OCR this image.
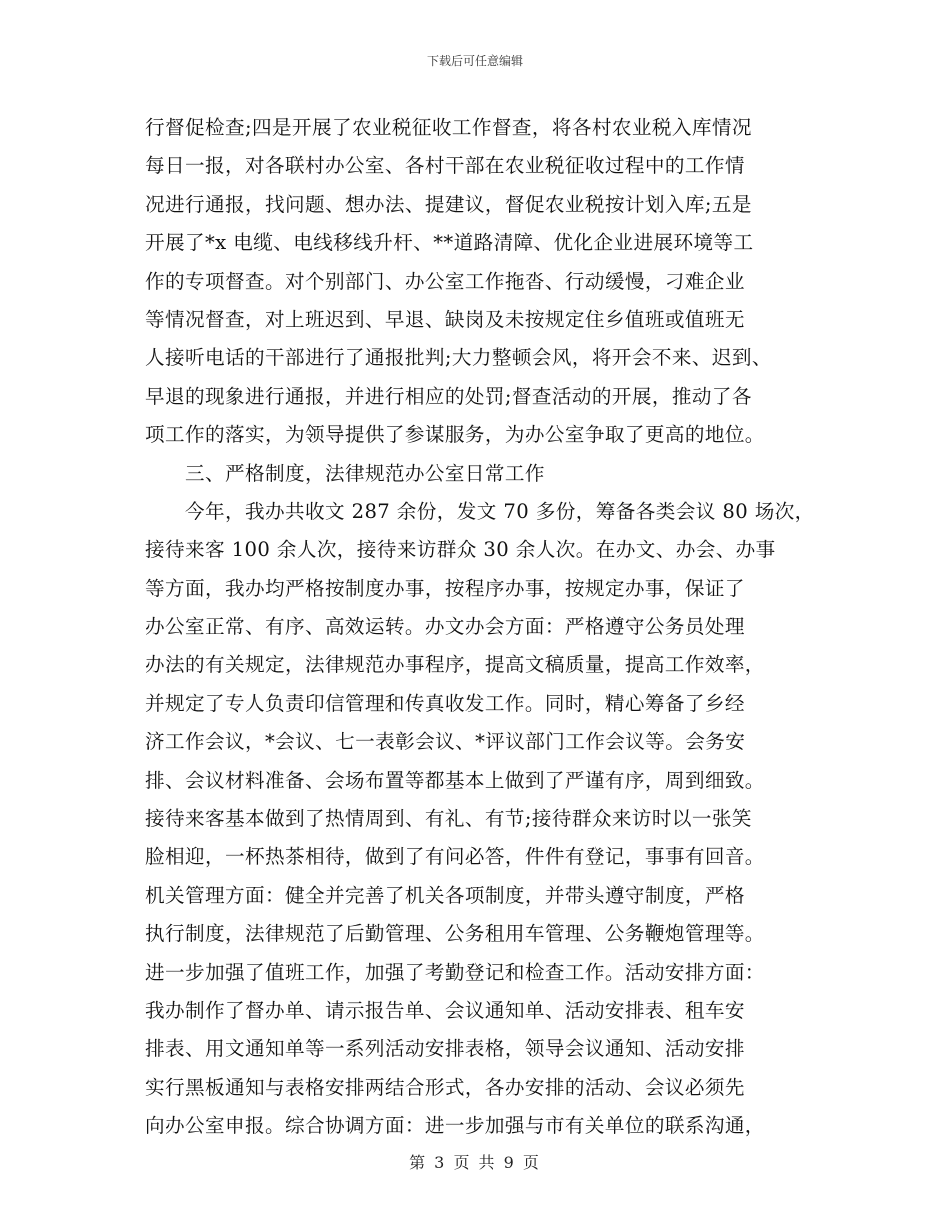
下载后可任意编辑
行督促检查;四是开展了农业税征收工作督查，将各村农业税入库情况
每日一报，对各联村办公室、各村干部在农业税征收过程中的工作情
况进行通报，找问题、想办法、提建议，督促农业税按计划入库;五是
开展了*x 电缆、电线移线升杆、**道路清障、优化企业进展环境等工
作的专项督查。对个别部门、办公室工作拖沓、行动缓慢，刁难企业
等情况督查，对上班迟到、早退、缺岗及未按规定住乡值班或值班无
人接听电话的干部进行了通报批判;大力整顿会风，将开会不来、迟到、
早退的现象进行通报，并进行相应的处罚;督查活动的开展，推动了各
项工作的落实，为领导提供了参谋服务，为办公室争取了更高的地位。
三、严格制度，法律规范办公室日常工作
今年，我办共收文 287 余份，发文 70 多份，筹备各类会议 80 场次，
接待来客 100 余人次，接待来访群众 30 余人次。在办文、办会、办事
等方面，我办均严格按制度办事，按程序办事，按规定办事，保证了
办公室正常、有序、高效运转。办文办会方面：严格遵守公务员处理
办法的有关规定，法律规范办事程序，提高文稿质量，提高工作效率，
并规定了专人负责印信管理和传真收发工作。同时，精心筹备了乡经
济工作会议，*会议、七一表彰会议、*评议部门工作会议等。会务安
排、会议材料准备、会场布置等都基本上做到了严谨有序，周到细致。
接待来客基本做到了热情周到、有礼、有节;接待群众来访时以一张笑
脸相迎，一杯热茶相待，做到了有问必答，件件有登记，事事有回音。
机关管理方面：健全并完善了机关各项制度，并带头遵守制度，严格
执行制度，法律规范了后勤管理、公务租用车管理、公务鞭炮管理等。
进一步加强了值班工作，加强了考勤登记和检查工作。活动安排方面：
我办制作了督办单、请示报告单、会议通知单、活动安排表、租车安
排表、用文通知单等一系列活动安排表格，领导会议通知、活动安排
实行黑板通知与表格安排两结合形式，各办安排的活动、会议必须先
向办公室申报。综合协调方面：进一步加强与市有关单位的联系沟通，
第 3 页 共 9 页
